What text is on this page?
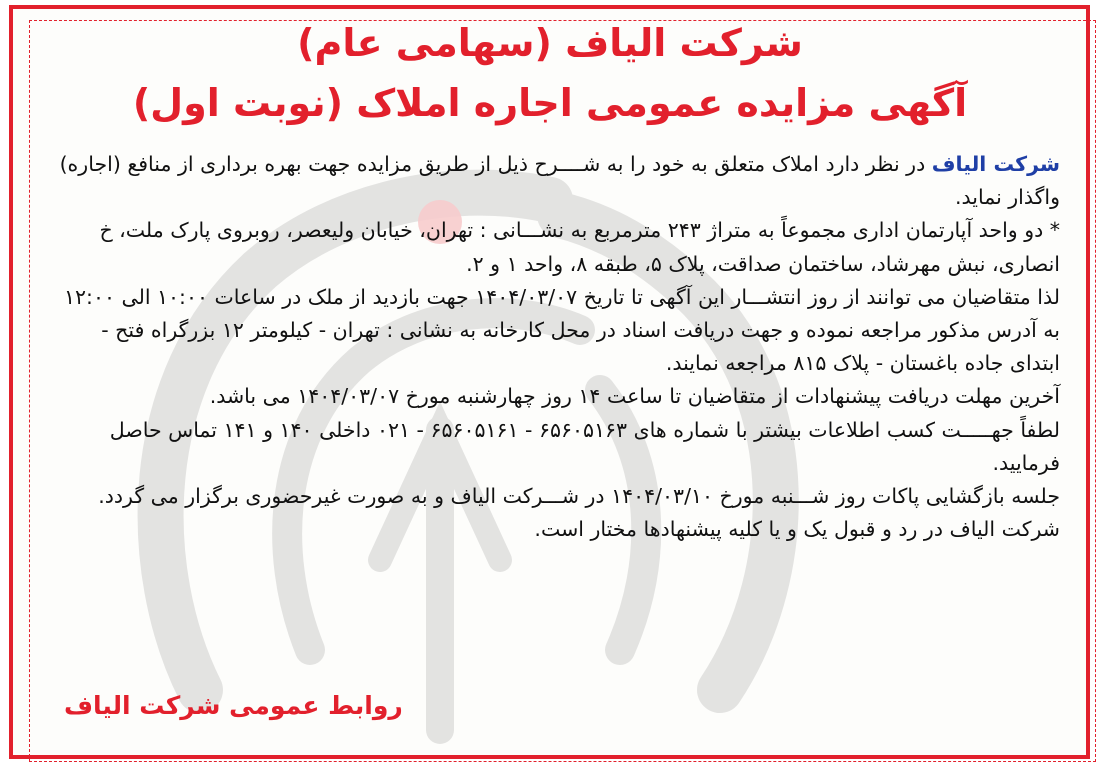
شرکت الیاف (سهامی عام)
آگهی مزایده عمومی اجاره املاک (نوبت اول)

شرکت الیاف در نظر دارد املاک متعلق به خود را به شــــرح ذیل از طریق مزایده جهت بهره برداری از منافع (اجاره) واگذار نماید.

* دو واحد آپارتمان اداری مجموعاً به متراژ ۲۴۳ مترمربع به نشـــانی : تهران، خیابان ولیعصر، روبروی پارک ملت، خ انصاری، نبش مهرشاد، ساختمان صداقت، پلاک ۵، طبقه ۸، واحد ۱ و ۲.

لذا متقاضیان می توانند از روز انتشـــار این آگهی تا تاریخ ۱۴۰۴/۰۳/۰۷ جهت بازدید از ملک در ساعات ۱۰:۰۰ الی ۱۲:۰۰ به آدرس مذکور مراجعه نموده و جهت دریافت اسناد در محل کارخانه به نشانی : تهران - کیلومتر ۱۲ بزرگراه فتح - ابتدای جاده باغستان - پلاک ۸۱۵ مراجعه نمایند.

آخرین مهلت دریافت پیشنهادات از متقاضیان تا ساعت ۱۴ روز چهارشنبه مورخ ۱۴۰۴/۰۳/۰۷ می باشد.

لطفاً جهـــــت کسب اطلاعات بیشتر با شماره های ۶۵۶۰۵۱۶۳ - ۶۵۶۰۵۱۶۱ - ۰۲۱ داخلی ۱۴۰ و ۱۴۱ تماس حاصل فرمایید.

جلسه بازگشایی پاکات روز شـــنبه مورخ ۱۴۰۴/۰۳/۱۰ در شـــرکت الیاف و به صورت غیرحضوری برگزار می گردد.

شرکت الیاف در رد و قبول یک و یا کلیه پیشنهادها مختار است.

روابط عمومی شرکت الیاف
